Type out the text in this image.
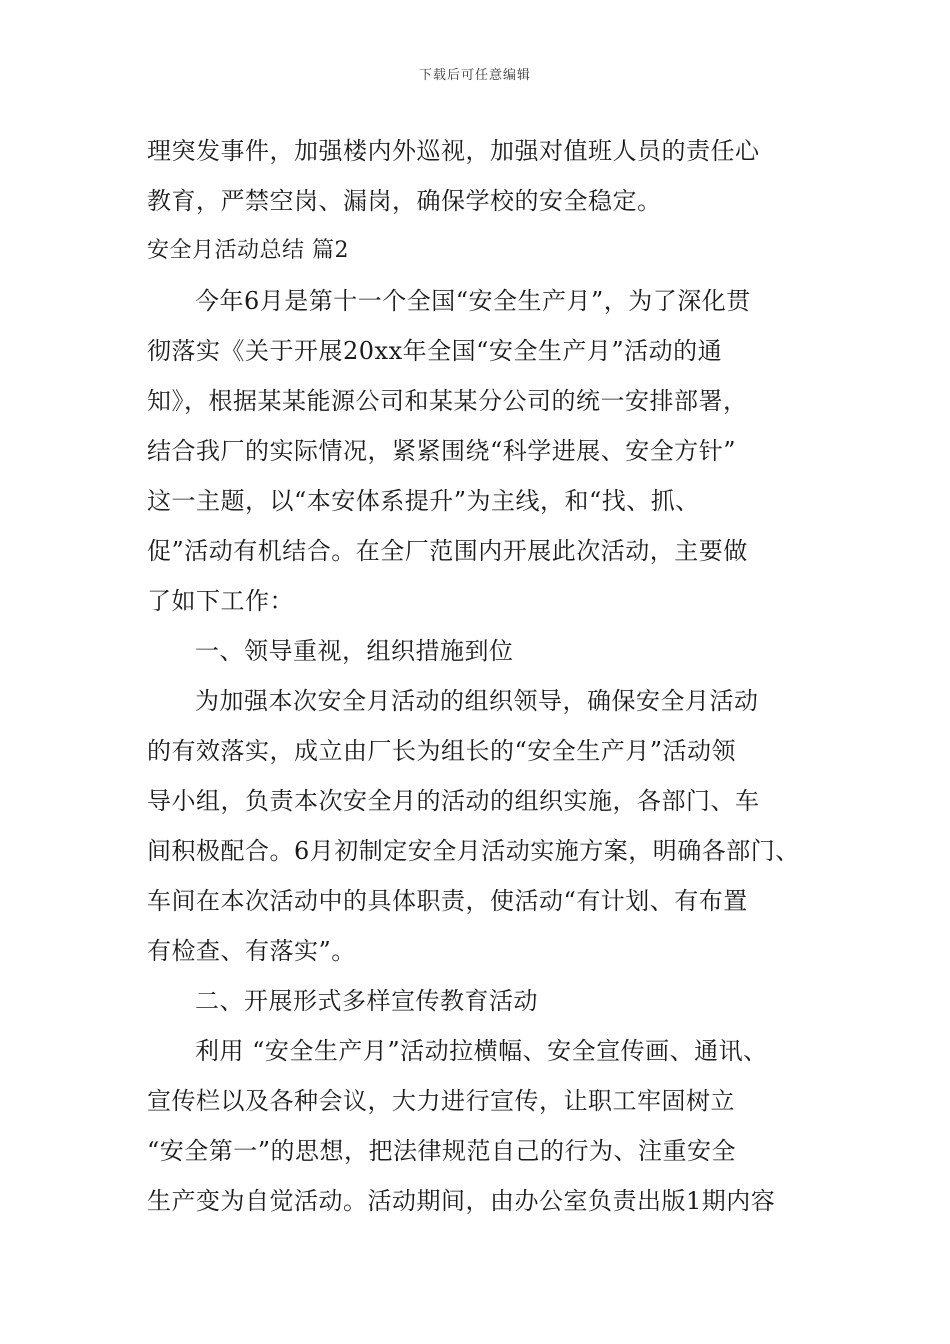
下载后可任意编辑
理突发事件，加强楼内外巡视，加强对值班人员的责任心
教育，严禁空岗、漏岗，确保学校的安全稳定。
安全月活动总结 篇2
今年6月是第十一个全国“安全生产月”，为了深化贯
彻落实《关于开展20xx年全国“安全生产月”活动的通
知》，根据某某能源公司和某某分公司的统一安排部署，
结合我厂的实际情况，紧紧围绕“科学进展、安全方针”
这一主题，以“本安体系提升”为主线，和“找、抓、
促”活动有机结合。在全厂范围内开展此次活动，主要做
了如下工作：
一、领导重视，组织措施到位
为加强本次安全月活动的组织领导，确保安全月活动
的有效落实，成立由厂长为组长的“安全生产月”活动领
导小组，负责本次安全月的活动的组织实施，各部门、车
间积极配合。6月初制定安全月活动实施方案，明确各部门、
车间在本次活动中的具体职责，使活动“有计划、有布置
有检查、有落实”。
二、开展形式多样宣传教育活动
利用 “安全生产月”活动拉横幅、安全宣传画、通讯、
宣传栏以及各种会议，大力进行宣传，让职工牢固树立
“安全第一”的思想，把法律规范自己的行为、注重安全
生产变为自觉活动。活动期间，由办公室负责出版1期内容
